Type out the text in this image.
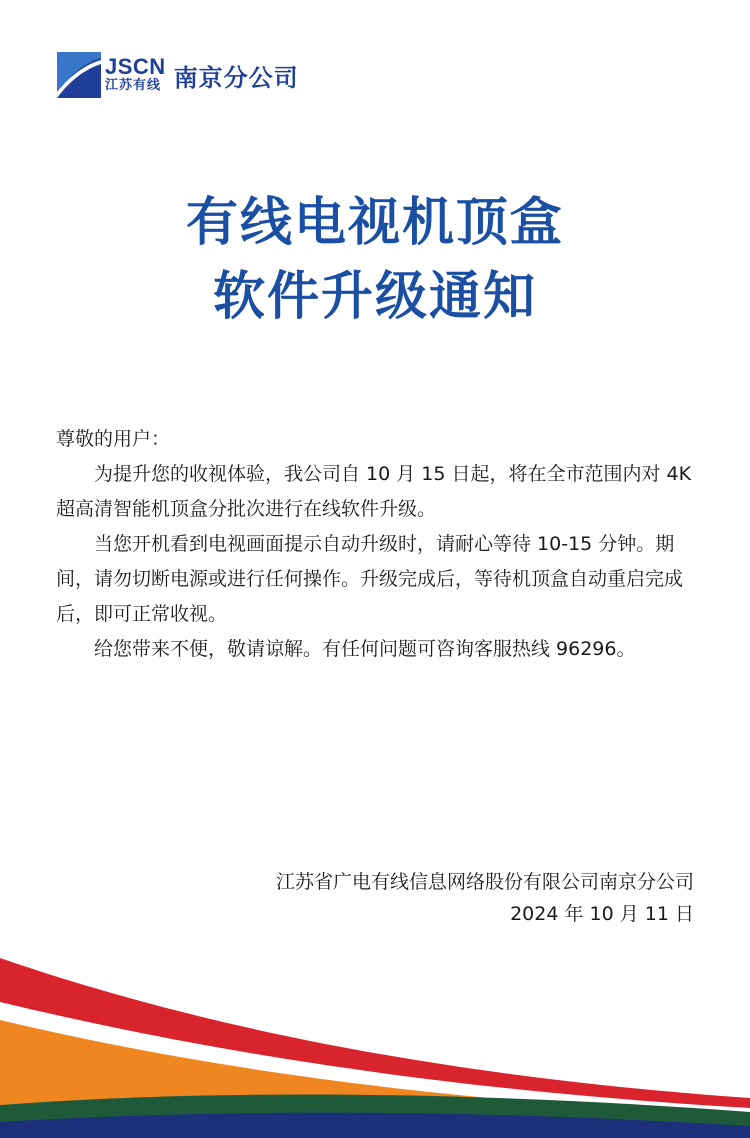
JSCN
江苏有线 南京分公司
有线电视机顶盒
软件升级通知

尊敬的用户：

为提升您的收视体验，我公司自 10 月 15 日起，将在全市范围内对 4K 超高清智能机顶盒分批次进行在线软件升级。

当您开机看到电视画面提示自动升级时，请耐心等待 10-15 分钟。期间，请勿切断电源或进行任何操作。升级完成后，等待机顶盒自动重启完成后，即可正常收视。

给您带来不便，敬请谅解。有任何问题可咨询客服热线 96296。

江苏省广电有线信息网络股份有限公司南京分公司
2024 年 10 月 11 日
